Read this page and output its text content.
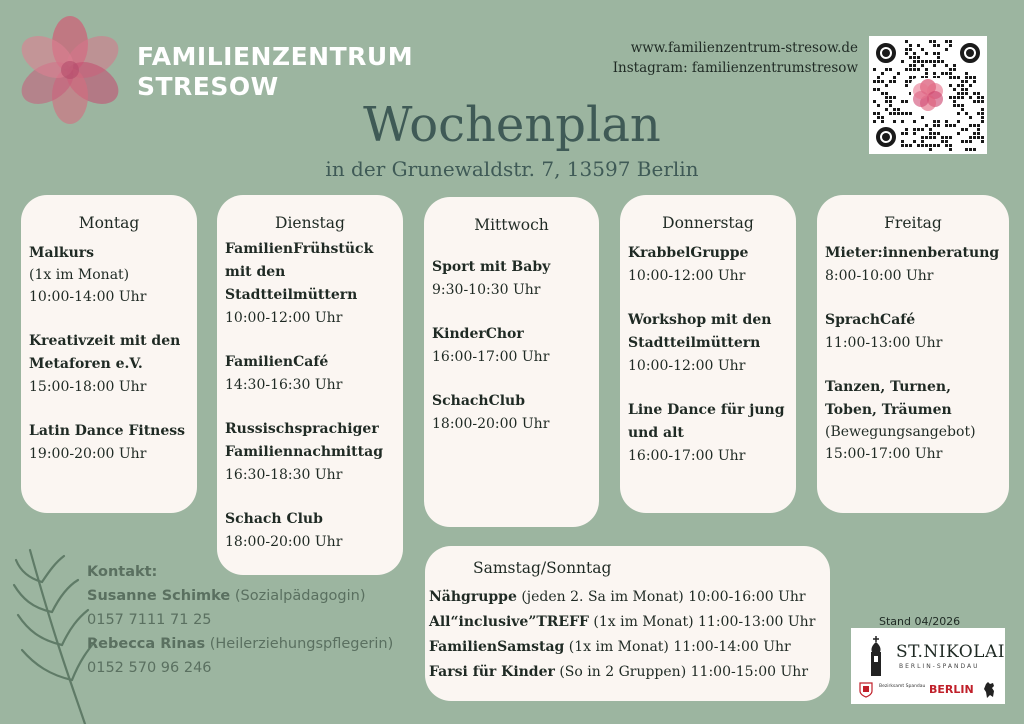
FAMILIENZENTRUM
STRESOW
www.familienzentrum-stresow.de
Instagram: familienzentrumstresow
Wochenplan
in der Grunewaldstr. 7, 13597 Berlin
Montag
Malkurs
(1x im Monat)
10:00-14:00 Uhr
Kreativzeit mit den Metaforen e.V.
15:00-18:00 Uhr
Latin Dance Fitness
19:00-20:00 Uhr
Dienstag
FamilienFrühstück mit den Stadtteilmüttern
10:00-12:00 Uhr
FamilienCafé
14:30-16:30 Uhr
Russischsprachiger Familiennachmittag
16:30-18:30 Uhr
Schach Club
18:00-20:00 Uhr
Mittwoch
Sport mit Baby
9:30-10:30 Uhr
KinderChor
16:00-17:00 Uhr
SchachClub
18:00-20:00 Uhr
Donnerstag
KrabbelGruppe
10:00-12:00 Uhr
Workshop mit den Stadtteilmüttern
10:00-12:00 Uhr
Line Dance für jung und alt
16:00-17:00 Uhr
Freitag
Mieter:innenberatung
8:00-10:00 Uhr
SprachCafé
11:00-13:00 Uhr
Tanzen, Turnen, Toben, Träumen
(Bewegungsangebot)
15:00-17:00 Uhr
Samstag/Sonntag
Nähgruppe (jeden 2. Sa im Monat) 10:00-16:00 Uhr
All“inclusive”TREFF (1x im Monat) 11:00-13:00 Uhr
FamilienSamstag (1x im Monat) 11:00-14:00 Uhr
Farsi für Kinder (So in 2 Gruppen) 11:00-15:00 Uhr
Kontakt:
Susanne Schimke (Sozialpädagogin)
0157 7111 71 25
Rebecca Rinas (Heilerziehungspflegerin)
0152 570 96 246
Stand 04/2026
ST.NIKOLAI
BERLIN-SPANDAU
Bezirksamt Spandau BERLIN
